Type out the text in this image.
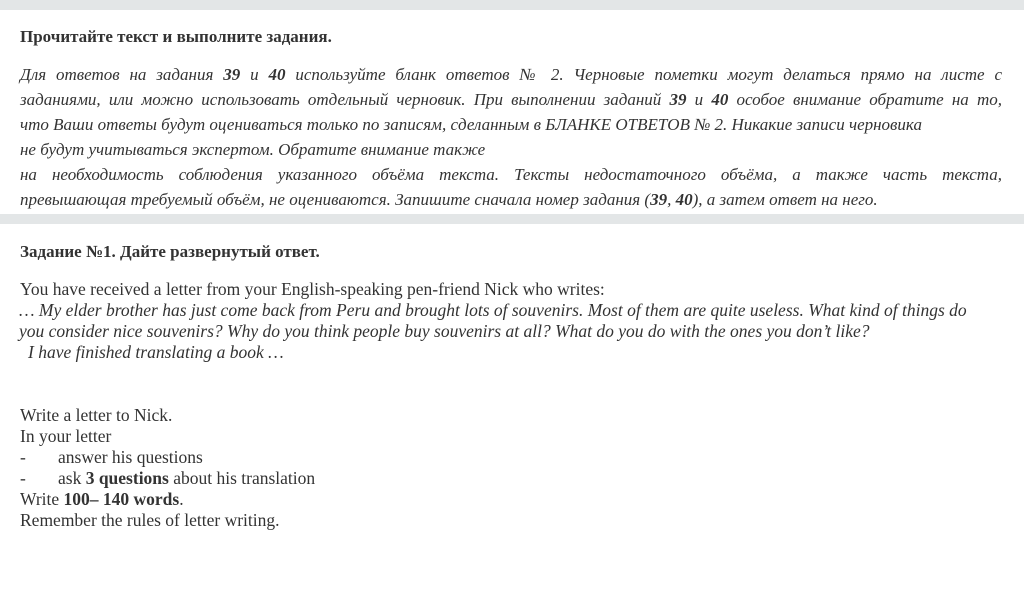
Прочитайте текст и выполните задания.
Для ответов на задания 39 и 40 используйте бланк ответов № 2. Черновые пометки могут делаться прямо на листе с
заданиями, или можно использовать отдельный черновик. При выполнении заданий 39 и 40 особое внимание обратите на то,
что Ваши ответы будут оцениваться только по записям, сделанным в БЛАНКЕ ОТВЕТОВ № 2. Никакие записи черновика
не будут учитываться экспертом. Обратите внимание также
на необходимость соблюдения указанного объёма текста. Тексты недостаточного объёма, а также часть текста,
превышающая требуемый объём, не оцениваются. Запишите сначала номер задания (39, 40), а затем ответ на него.
Задание №1. Дайте развернутый ответ.
You have received a letter from your English-speaking pen-friend Nick who writes:
… My elder brother has just come back from Peru and brought lots of souvenirs. Most of them are quite useless. What kind of things do
you consider nice souvenirs? Why do you think people buy souvenirs at all? What do you do with the ones you don’t like?
I have finished translating a book …
Write a letter to Nick.
In your letter
- answer his questions
- ask 3 questions about his translation
Write 100– 140 words.
Remember the rules of letter writing.
